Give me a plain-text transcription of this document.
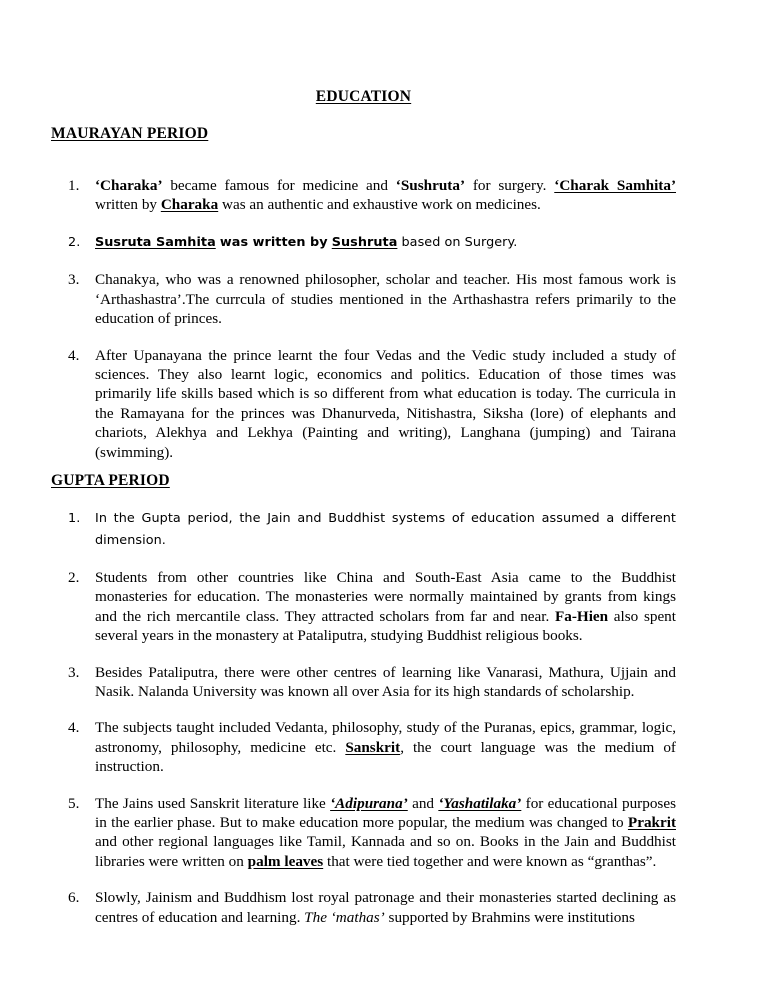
EDUCATION
MAURAYAN PERIOD
1.	‘Charaka’ became famous for medicine and ‘Sushruta’ for surgery. ‘Charak Samhita’ written by Charaka was an authentic and exhaustive work on medicines.
2.	Susruta Samhita was written by Sushruta based on Surgery.
3.	Chanakya, who was a renowned philosopher, scholar and teacher. His most famous work is ‘Arthashastra’.The currcula of studies mentioned in the Arthashastra refers primarily to the education of princes.
4.	After Upanayana the prince learnt the four Vedas and the Vedic study included a study of sciences. They also learnt logic, economics and politics. Education of those times was primarily life skills based which is so different from what education is today. The curricula in the Ramayana for the princes was Dhanurveda, Nitishastra, Siksha (lore) of elephants and chariots, Alekhya and Lekhya (Painting and writing), Langhana (jumping) and Tairana (swimming).
GUPTA PERIOD
1.	In the Gupta period, the Jain and Buddhist systems of education assumed a different dimension.
2.	Students from other countries like China and South-East Asia came to the Buddhist monasteries for education. The monasteries were normally maintained by grants from kings and the rich mercantile class. They attracted scholars from far and near. Fa-Hien also spent several years in the monastery at Pataliputra, studying Buddhist religious books.
3.	Besides Pataliputra, there were other centres of learning like Vanarasi, Mathura, Ujjain and Nasik. Nalanda University was known all over Asia for its high standards of scholarship.
4.	The subjects taught included Vedanta, philosophy, study of the Puranas, epics, grammar, logic, astronomy, philosophy, medicine etc. Sanskrit, the court language was the medium of instruction.
5.	The Jains used Sanskrit literature like ‘Adipurana’ and ‘Yashatilaka’ for educational purposes in the earlier phase. But to make education more popular, the medium was changed to Prakrit and other regional languages like Tamil, Kannada and so on. Books in the Jain and Buddhist libraries were written on palm leaves that were tied together and were known as “granthas”.
6.	Slowly, Jainism and Buddhism lost royal patronage and their monasteries started declining as centres of education and learning. The ‘mathas’ supported by Brahmins were institutions
